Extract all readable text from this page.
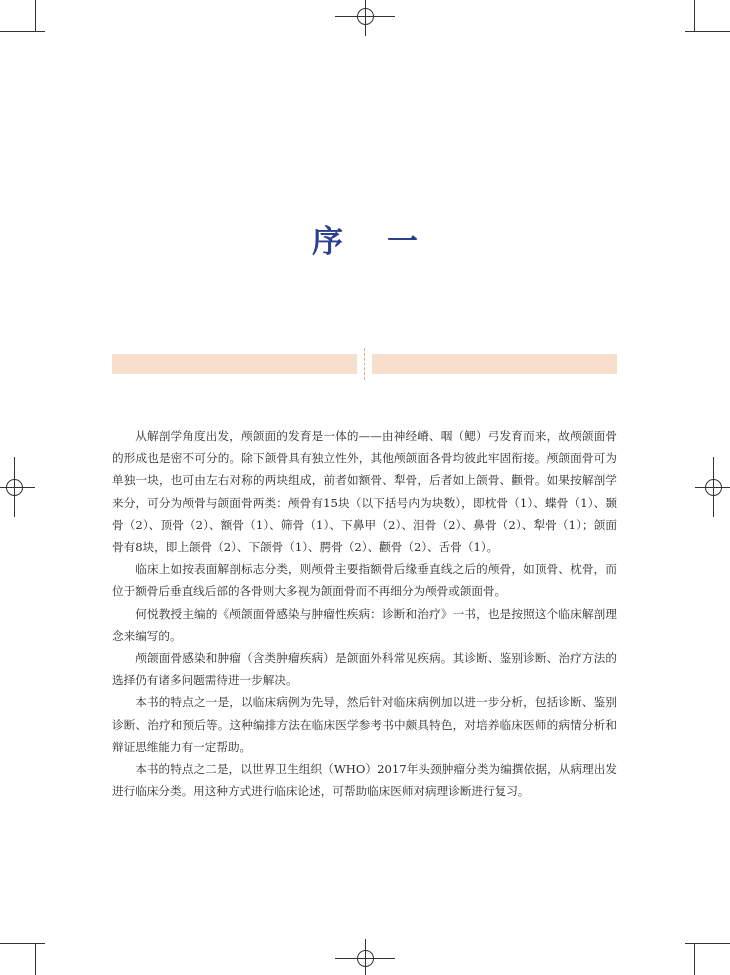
序一

从解剖学角度出发，颅颌面的发育是一体的——由神经嵴、咽（鳃）弓发育而来，故颅颌面骨的形成也是密不可分的。除下颌骨具有独立性外，其他颅颌面各骨均彼此牢固衔接。颅颌面骨可为单独一块，也可由左右对称的两块组成，前者如额骨、犁骨，后者如上颌骨、颧骨。如果按解剖学来分，可分为颅骨与颌面骨两类：颅骨有15块（以下括号内为块数），即枕骨（1）、蝶骨（1）、颞骨（2）、顶骨（2）、额骨（1）、筛骨（1）、下鼻甲（2）、泪骨（2）、鼻骨（2）、犁骨（1）；颌面骨有8块，即上颌骨（2）、下颌骨（1）、腭骨（2）、颧骨（2）、舌骨（1）。

临床上如按表面解剖标志分类，则颅骨主要指额骨后缘垂直线之后的颅骨，如顶骨、枕骨，而位于额骨后垂直线后部的各骨则大多视为颌面骨而不再细分为颅骨或颌面骨。

何悦教授主编的《颅颌面骨感染与肿瘤性疾病：诊断和治疗》一书，也是按照这个临床解剖理念来编写的。

颅颌面骨感染和肿瘤（含类肿瘤疾病）是颌面外科常见疾病。其诊断、鉴别诊断、治疗方法的选择仍有诸多问题需待进一步解决。

本书的特点之一是，以临床病例为先导，然后针对临床病例加以进一步分析，包括诊断、鉴别诊断、治疗和预后等。这种编排方法在临床医学参考书中颇具特色，对培养临床医师的病情分析和辩证思维能力有一定帮助。

本书的特点之二是，以世界卫生组织（WHO）2017年头颈肿瘤分类为编撰依据，从病理出发进行临床分类。用这种方式进行临床论述，可帮助临床医师对病理诊断进行复习。
